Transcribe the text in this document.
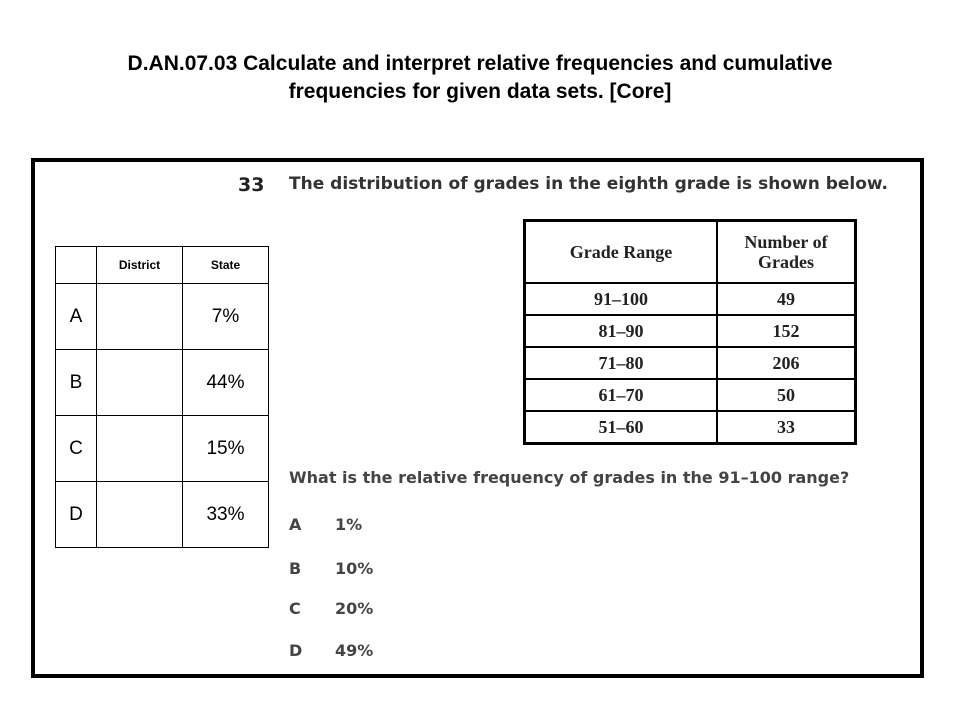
D.AN.07.03 Calculate and interpret relative frequencies and cumulative
frequencies for given data sets. [Core]
33 The distribution of grades in the eighth grade is shown below.
	District	State
A		7%
B		44%
C		15%
D		33%
Grade Range	Number of
Grades
91–100	49
81–90	152
71–80	206
61–70	50
51–60	33
What is the relative frequency of grades in the 91–100 range?
A 1%
B 10%
C 20%
D 49%
